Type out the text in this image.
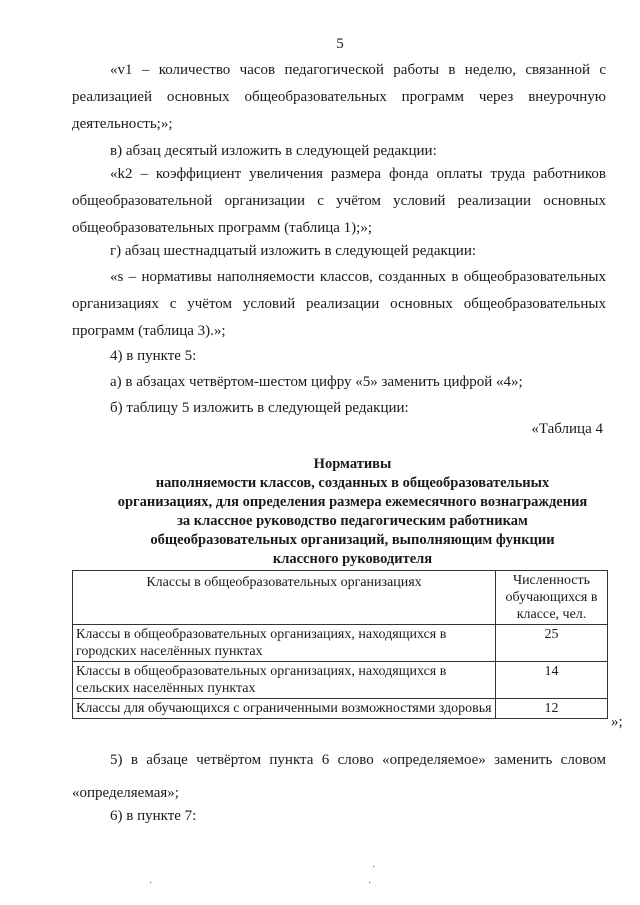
5

«v1 – количество часов педагогической работы в неделю, связанной с реализацией основных общеобразовательных программ через внеурочную деятельность;»;

в) абзац десятый изложить в следующей редакции:

«k2 – коэффициент увеличения размера фонда оплаты труда работников общеобразовательной организации с учётом условий реализации основных общеобразовательных программ (таблица 1);»;

г) абзац шестнадцатый изложить в следующей редакции:

«s – нормативы наполняемости классов, созданных в общеобразовательных организациях с учётом условий реализации основных общеобразовательных программ (таблица 3).»;

4) в пункте 5:

а) в абзацах четвёртом-шестом цифру «5» заменить цифрой «4»;

б) таблицу 5 изложить в следующей редакции:

«Таблица 4
Нормативы
наполняемости классов, созданных в общеобразовательных
организациях, для определения размера ежемесячного вознаграждения
за классное руководство педагогическим работникам
общеобразовательных организаций, выполняющим функции
классного руководителя
Классы в общеобразовательных организациях	Численность обучающихся в классе, чел.
Классы в общеобразовательных организациях, находящихся в городских населённых пунктах	25
Классы в общеобразовательных организациях, находящихся в сельских населённых пунктах	14
Классы для обучающихся с ограниченными возможностями здоровья	12
»;

5) в абзаце четвёртом пункта 6 слово «определяемое» заменить словом «определяемая»;

6) в пункте 7:

·
·	·
